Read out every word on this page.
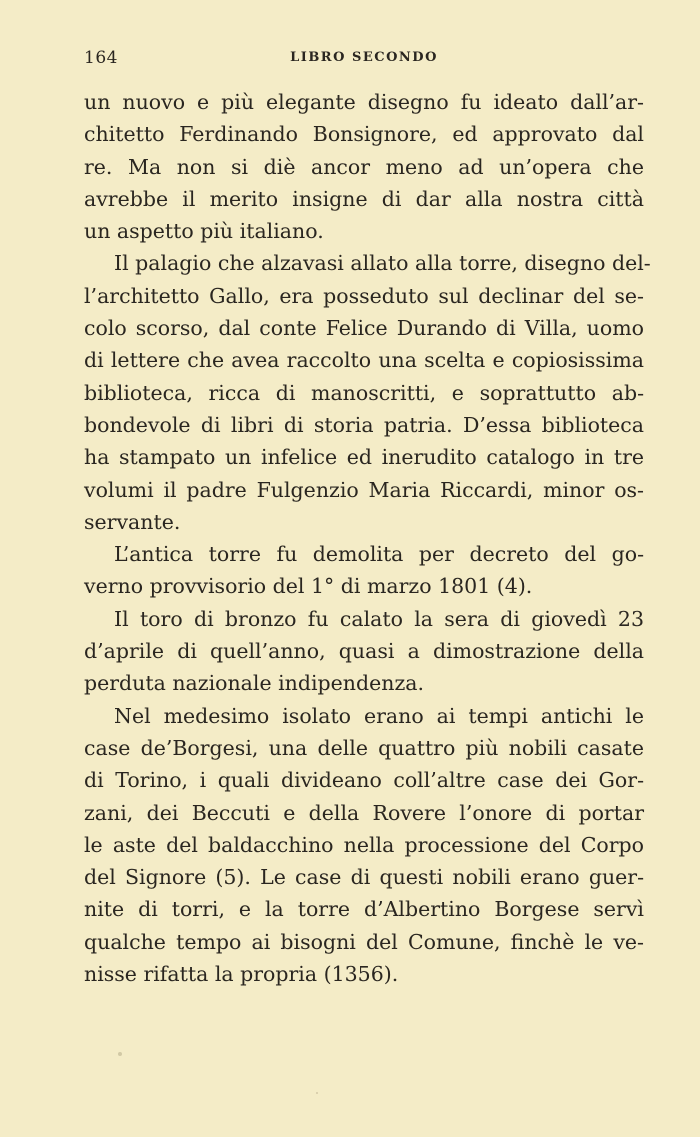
164	LIBRO SECONDO
un nuovo e più elegante disegno fu ideato dall’ar-
chitetto Ferdinando Bonsignore, ed approvato dal
re. Ma non si diè ancor meno ad un’opera che
avrebbe il merito insigne di dar alla nostra città
un aspetto più italiano.
Il palagio che alzavasi allato alla torre, disegno del-
l’architetto Gallo, era posseduto sul declinar del se-
colo scorso, dal conte Felice Durando di Villa, uomo
di lettere che avea raccolto una scelta e copiosissima
biblioteca, ricca di manoscritti, e soprattutto ab-
bondevole di libri di storia patria. D’essa biblioteca
ha stampato un infelice ed inerudito catalogo in tre
volumi il padre Fulgenzio Maria Riccardi, minor os-
servante.
L’antica torre fu demolita per decreto del go-
verno provvisorio del 1° di marzo 1801 (4).
Il toro di bronzo fu calato la sera di giovedì 23
d’aprile di quell’anno, quasi a dimostrazione della
perduta nazionale indipendenza.
Nel medesimo isolato erano ai tempi antichi le
case de’Borgesi, una delle quattro più nobili casate
di Torino, i quali divideano coll’altre case dei Gor-
zani, dei Beccuti e della Rovere l’onore di portar
le aste del baldacchino nella processione del Corpo
del Signore (5). Le case di questi nobili erano guer-
nite di torri, e la torre d’Albertino Borgese servì
qualche tempo ai bisogni del Comune, finchè le ve-
nisse rifatta la propria (1356).
